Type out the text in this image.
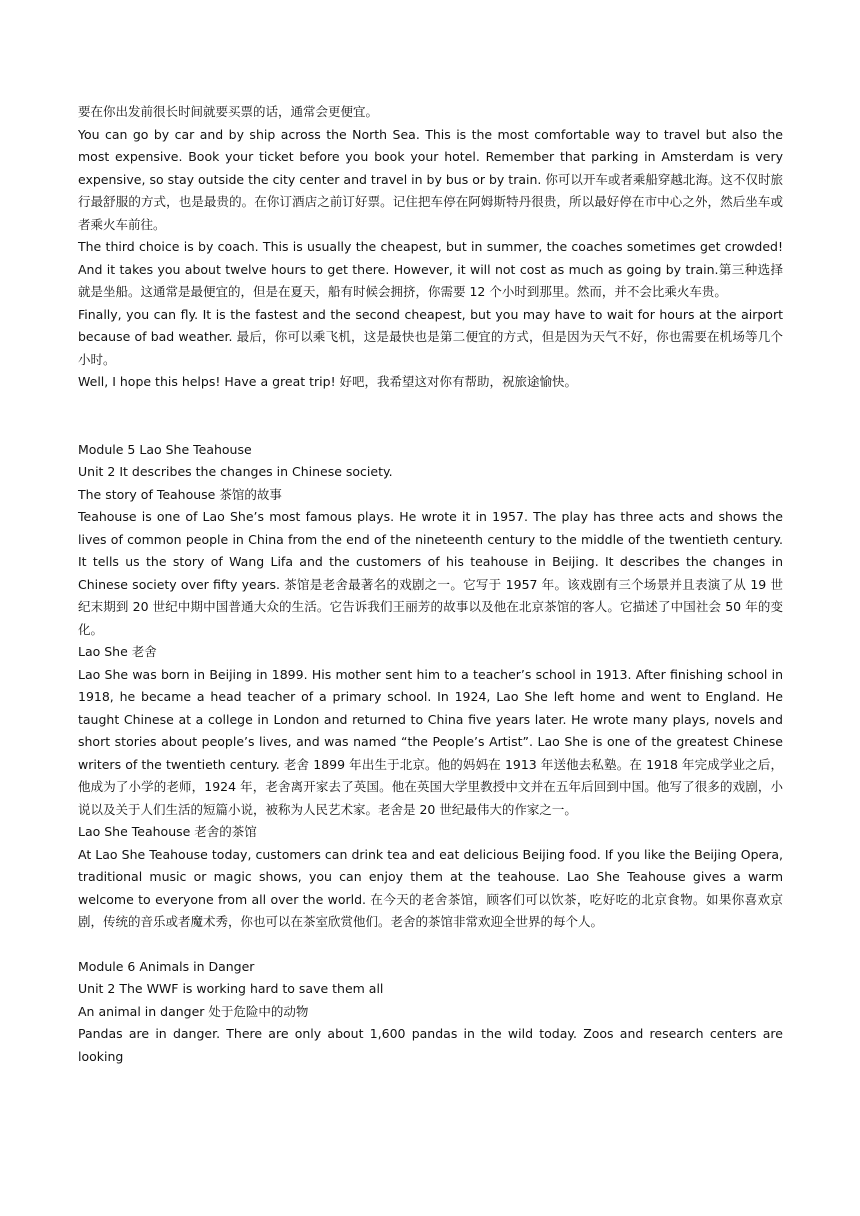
要在你出发前很长时间就要买票的话，通常会更便宜。

You can go by car and by ship across the North Sea. This is the most comfortable way to travel but also the most expensive. Book your ticket before you book your hotel. Remember that parking in Amsterdam is very expensive, so stay outside the city center and travel in by bus or by train. 你可以开车或者乘船穿越北海。这不仅时旅行最舒服的方式，也是最贵的。在你订酒店之前订好票。记住把车停在阿姆斯特丹很贵，所以最好停在市中心之外，然后坐车或者乘火车前往。

The third choice is by coach. This is usually the cheapest, but in summer, the coaches sometimes get crowded! And it takes you about twelve hours to get there. However, it will not cost as much as going by train.第三种选择就是坐船。这通常是最便宜的，但是在夏天，船有时候会拥挤，你需要 12 个小时到那里。然而，并不会比乘火车贵。

Finally, you can fly. It is the fastest and the second cheapest, but you may have to wait for hours at the airport because of bad weather. 最后，你可以乘飞机，这是最快也是第二便宜的方式，但是因为天气不好，你也需要在机场等几个小时。

Well, I hope this helps! Have a great trip! 好吧，我希望这对你有帮助，祝旅途愉快。

Module 5 Lao She Teahouse

Unit 2 It describes the changes in Chinese society.

The story of Teahouse 茶馆的故事

Teahouse is one of Lao She’s most famous plays. He wrote it in 1957. The play has three acts and shows the lives of common people in China from the end of the nineteenth century to the middle of the twentieth century. It tells us the story of Wang Lifa and the customers of his teahouse in Beijing. It describes the changes in Chinese society over fifty years. 茶馆是老舍最著名的戏剧之一。它写于 1957 年。该戏剧有三个场景并且表演了从 19 世纪末期到 20 世纪中期中国普通大众的生活。它告诉我们王丽芳的故事以及他在北京茶馆的客人。它描述了中国社会 50 年的变化。

Lao She 老舍

Lao She was born in Beijing in 1899. His mother sent him to a teacher’s school in 1913. After finishing school in 1918, he became a head teacher of a primary school. In 1924, Lao She left home and went to England. He taught Chinese at a college in London and returned to China five years later. He wrote many plays, novels and short stories about people’s lives, and was named “the People’s Artist”. Lao She is one of the greatest Chinese writers of the twentieth century. 老舍 1899 年出生于北京。他的妈妈在 1913 年送他去私塾。在 1918 年完成学业之后，他成为了小学的老师，1924 年，老舍离开家去了英国。他在英国大学里教授中文并在五年后回到中国。他写了很多的戏剧，小说以及关于人们生活的短篇小说，被称为人民艺术家。老舍是 20 世纪最伟大的作家之一。

Lao She Teahouse 老舍的茶馆

At Lao She Teahouse today, customers can drink tea and eat delicious Beijing food. If you like the Beijing Opera, traditional music or magic shows, you can enjoy them at the teahouse. Lao She Teahouse gives a warm welcome to everyone from all over the world. 在今天的老舍茶馆，顾客们可以饮茶，吃好吃的北京食物。如果你喜欢京剧，传统的音乐或者魔术秀，你也可以在茶室欣赏他们。老舍的茶馆非常欢迎全世界的每个人。

Module 6 Animals in Danger

Unit 2 The WWF is working hard to save them all

An animal in danger 处于危险中的动物

Pandas are in danger. There are only about 1,600 pandas in the wild today. Zoos and research centers are looking
